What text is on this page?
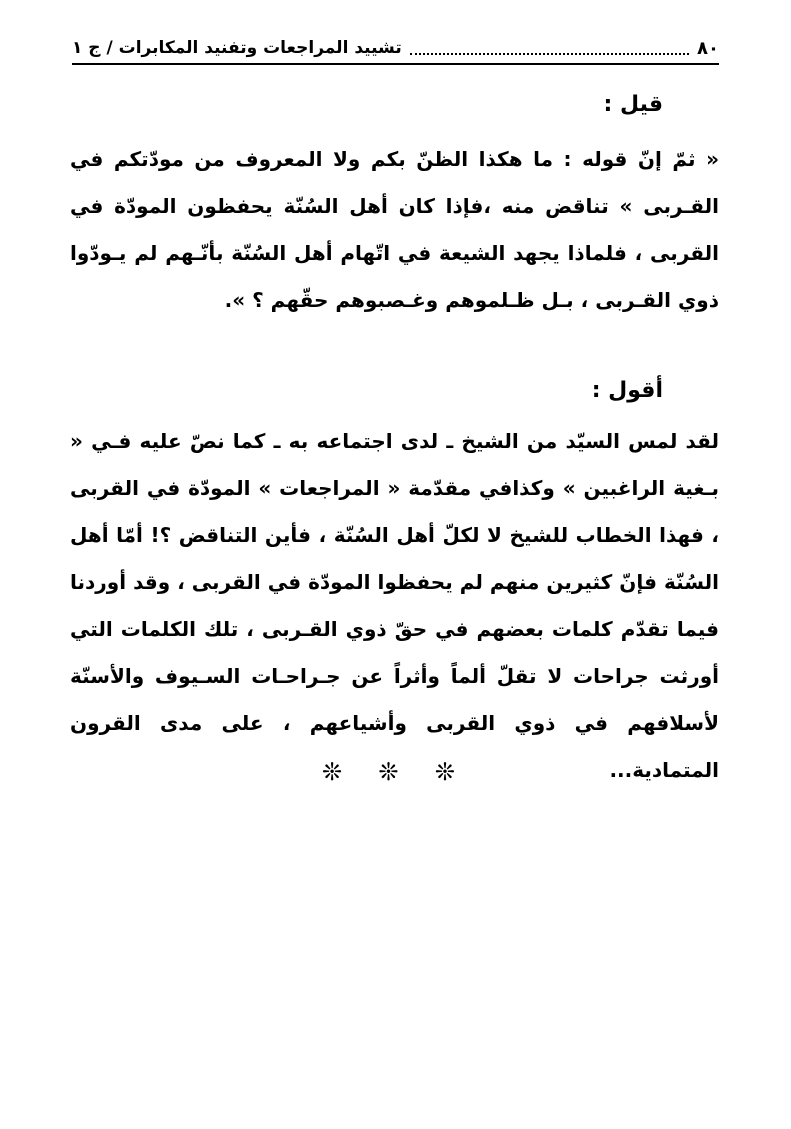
٨٠
تشييد المراجعات وتفنيد المكابرات / ج ١
قيل :

« ثمّ إنّ قوله : ما هكذا الظنّ بكم ولا المعروف من مودّتكم في القـربى » تناقض منه ،فإذا كان أهل السُنّة يحفظون المودّة في القربى ، فلماذا يجهد الشيعة في اتّهام أهل السُنّة بأنّـهم لم يـودّوا ذوي القـربى ، بـل ظـلموهم وغـصبوهم حقّهم ؟ ».

أقول :

لقد لمس السيّد من الشيخ ـ لدى اجتماعه به ـ كما نصّ عليه فـي « بـغية الراغبين » وكذافي مقدّمة « المراجعات » المودّة في القربى ، فهذا الخطاب للشيخ لا لكلّ أهل السُنّة ، فأين التناقض ؟! أمّا أهل السُنّة فإنّ كثيرين منهم لم يحفظوا المودّة في القربى ، وقد أوردنا فيما تقدّم كلمات بعضهم في حقّ ذوي القـربى ، تلك الكلمات التي أورثت جراحات لا تقلّ ألماً وأثراً عن جـراحـات السـيوف والأسنّة لأسلافهم في ذوي القربى وأشياعهم ، على مدى القرون المتمادية...

❊ ❊ ❊
